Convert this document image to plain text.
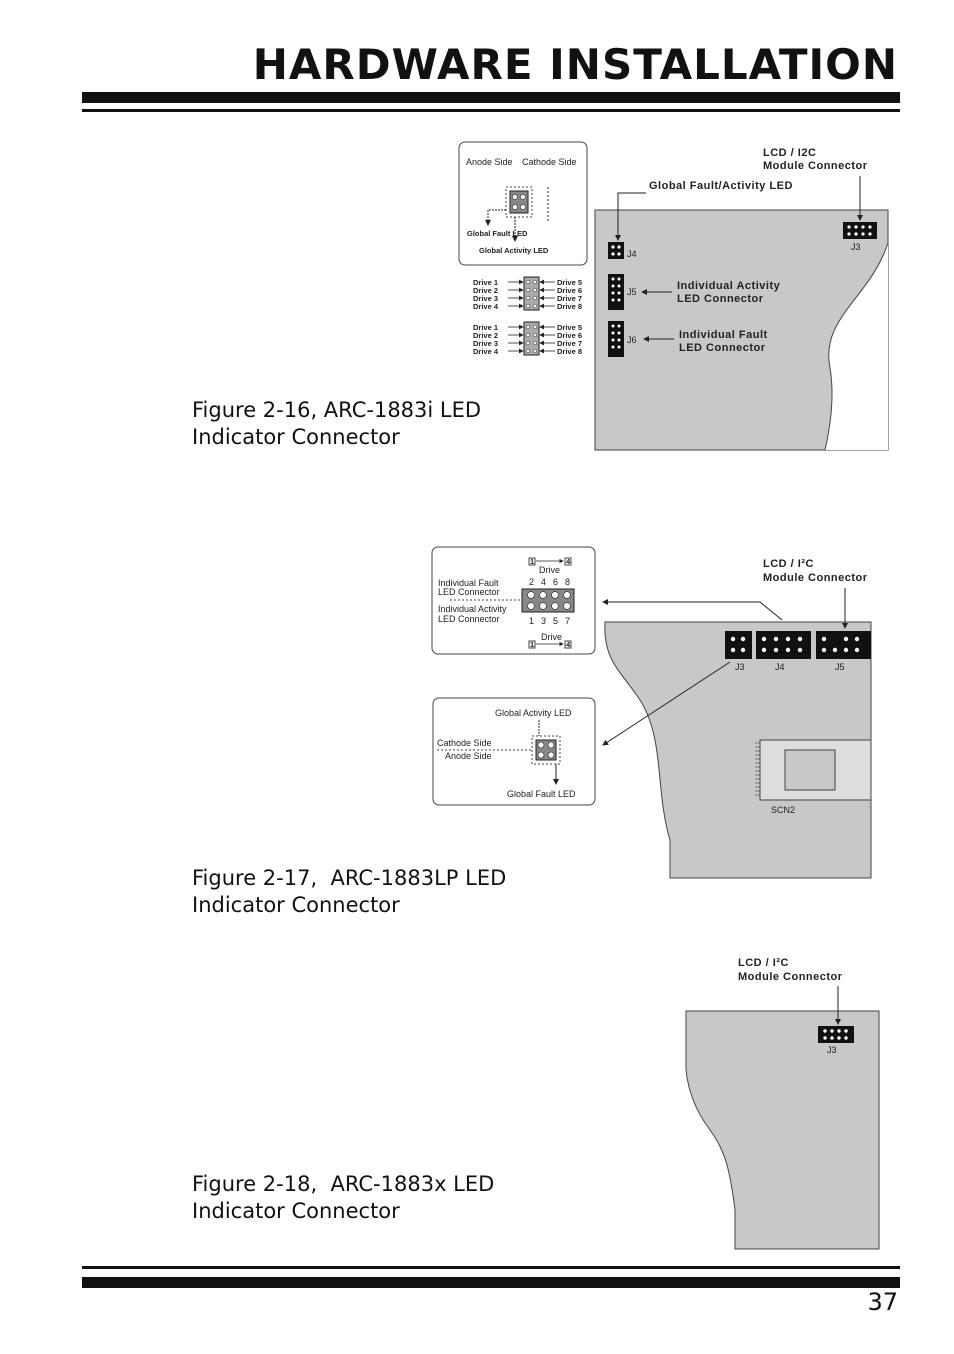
HARDWARE INSTALLATION
J3
LCD / I2C
Module Connector
J4
Global Fault/Activity LED
J5	Individual Activity
LED Connector
J6	Individual Fault
LED Connector
Anode Side Cathode Side
Global Fault LED
Global Activity LED
Drive 1
Drive 2
Drive 3
Drive 4
Drive 5
Drive 6
Drive 7
Drive 8
Drive 1
Drive 2
Drive 3
Drive 4
Drive 5
Drive 6
Drive 7
Drive 8
Figure 2-16, ARC-1883i LED
Indicator Connector
J3	J4	J5
LCD / I²C
Module Connector
SCN2
1	4
Drive
2 4 6 8
Individual Fault
LED Connector
Individual Activity
LED Connector	1 3 5 7
Drive
1	4
Global Activity LED
Cathode Side
Anode Side
Global Fault LED
Figure 2-17,  ARC-1883LP LED
Indicator Connector
J3
LCD / I²C
Module Connector
Figure 2-18,  ARC-1883x LED
Indicator Connector
37
